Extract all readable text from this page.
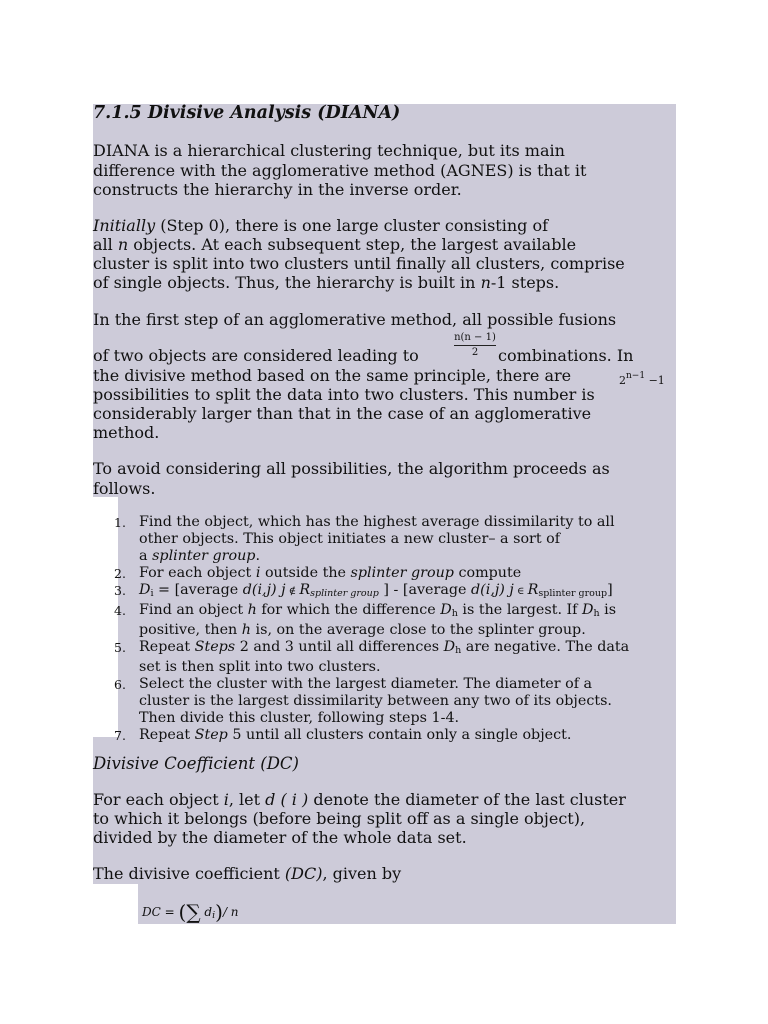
7.1.5 Divisive Analysis (DIANA)
DIANA is a hierarchical clustering technique, but its main
difference with the agglomerative method (AGNES) is that it
constructs the hierarchy in the inverse order.
Initially (Step 0), there is one large cluster consisting of
all n objects. At each subsequent step, the largest available
cluster is split into two clusters until finally all clusters, comprise
of single objects. Thus, the hierarchy is built in n-1 steps.
In the first step of an agglomerative method, all possible fusions
$\frac{n(n - 1)}{2}$
of two objects are considered leading to	combinations. In
the divisive method based on the same principle, there are	$2^{n-1} -1$
possibilities to split the data into two clusters. This number is
considerably larger than that in the case of an agglomerative
method.
To avoid considering all possibilities, the algorithm proceeds as
follows.
1. Find the object, which has the highest average dissimilarity to all
other objects. This object initiates a new cluster– a sort of
a splinter group.
2. For each object i outside the splinter group compute
3. $D_i$ = [average d(i,j) j ∉ $R_{splinter group}$ ] - [average d(i,j) j ∈ $R_{splinter group}$]
4. Find an object h for which the difference $D_h$ is the largest. If $D_h$ is
positive, then h is, on the average close to the splinter group.
5. Repeat Steps 2 and 3 until all differences $D_h$ are negative. The data
set is then split into two clusters.
6. Select the cluster with the largest diameter. The diameter of a
cluster is the largest dissimilarity between any two of its objects.
Then divide this cluster, following steps 1-4.
7. Repeat Step 5 until all clusters contain only a single object.
Divisive Coefficient (DC)
For each object i, let d ( i ) denote the diameter of the last cluster
to which it belongs (before being split off as a single object),
divided by the diameter of the whole data set.
The divisive coefficient (DC), given by
DC = (∑ $d_i)/$ n
